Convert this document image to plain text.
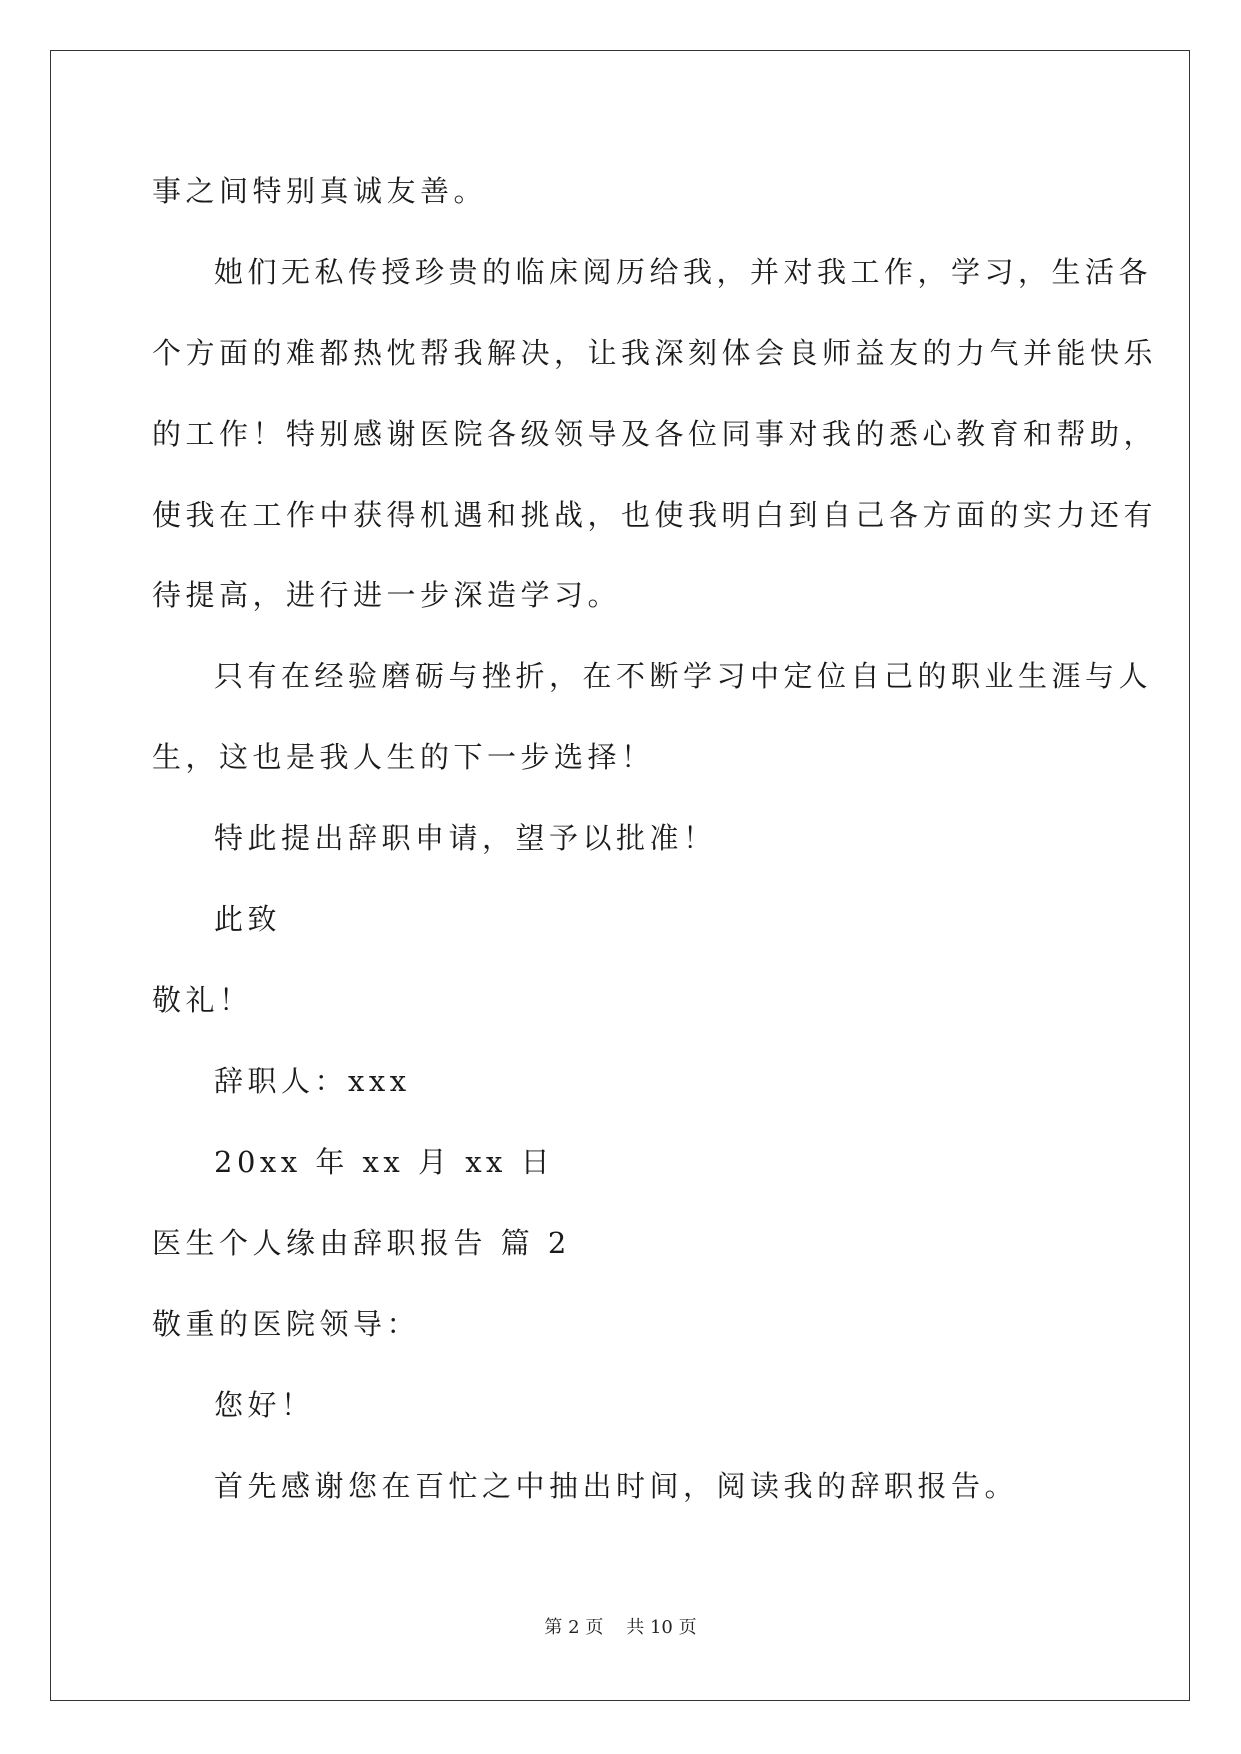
事之间特别真诚友善。
她们无私传授珍贵的临床阅历给我，并对我工作，学习，生活各
个方面的难都热忱帮我解决，让我深刻体会良师益友的力气并能快乐
的工作！特别感谢医院各级领导及各位同事对我的悉心教育和帮助，
使我在工作中获得机遇和挑战，也使我明白到自己各方面的实力还有
待提高，进行进一步深造学习。
只有在经验磨砺与挫折，在不断学习中定位自己的职业生涯与人
生，这也是我人生的下一步选择！
特此提出辞职申请，望予以批准！
此致
敬礼！
辞职人：xxx
20xx 年 xx 月 xx 日
医生个人缘由辞职报告 篇 2
敬重的医院领导：
您好！
首先感谢您在百忙之中抽出时间，阅读我的辞职报告。
第 2 页 共 10 页
